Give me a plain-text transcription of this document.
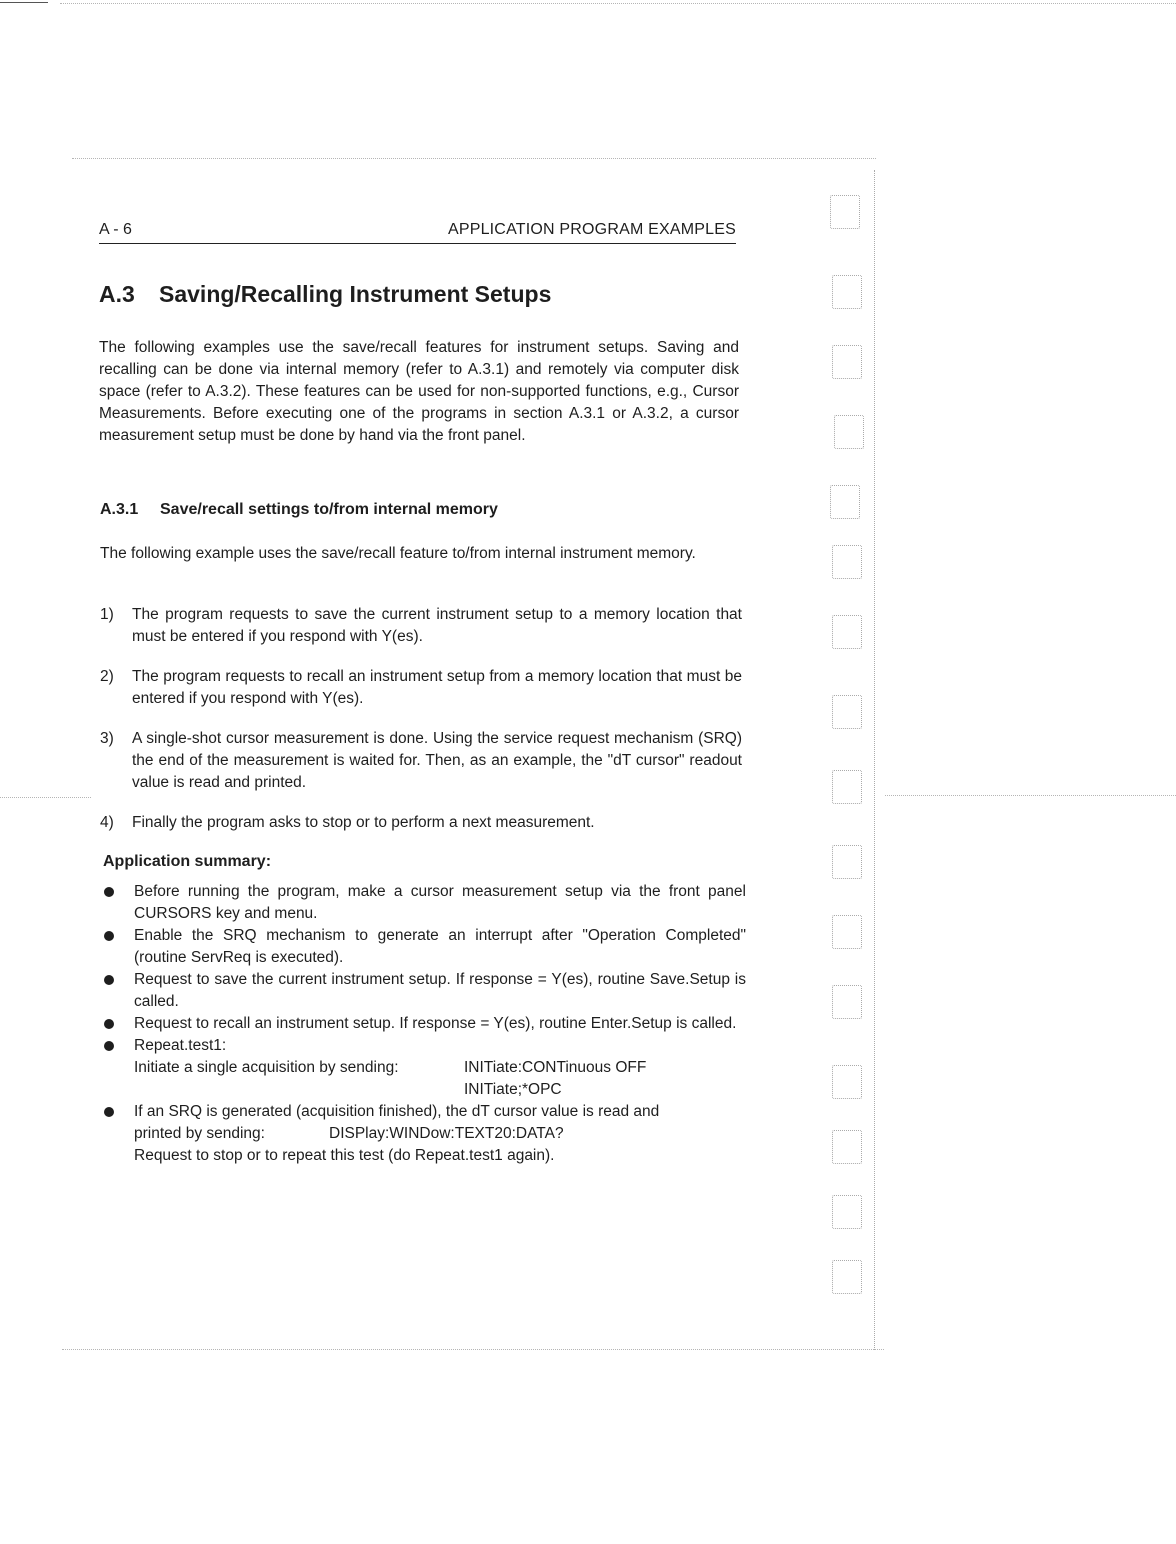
A - 6	APPLICATION PROGRAM EXAMPLES
A.3 Saving/Recalling Instrument Setups

The following examples use the save/recall features for instrument setups. Saving and recalling can be done via internal memory (refer to A.3.1) and remotely via computer disk space (refer to A.3.2). These features can be used for non-supported functions, e.g., Cursor Measurements. Before executing one of the programs in section A.3.1 or A.3.2, a cursor measurement setup must be done by hand via the front panel.

A.3.1 Save/recall settings to/from internal memory

The following example uses the save/recall feature to/from internal instrument memory.

1) The program requests to save the current instrument setup to a memory location that must be entered if you respond with Y(es).
2) The program requests to recall an instrument setup from a memory location that must be entered if you respond with Y(es).
3) A single-shot cursor measurement is done. Using the service request mechanism (SRQ) the end of the measurement is waited for. Then, as an example, the "dT cursor" readout value is read and printed.
4) Finally the program asks to stop or to perform a next measurement.
Application summary:
Before running the program, make a cursor measurement setup via the front panel CURSORS key and menu.
Enable the SRQ mechanism to generate an interrupt after "Operation Completed" (routine ServReq is executed).
Request to save the current instrument setup. If response = Y(es), routine Save.Setup is called.
Request to recall an instrument setup. If response = Y(es), routine Enter.Setup is called.
Repeat.test1:
Initiate a single acquisition by sending:	INITiate:CONTinuous OFF
INITiate;*OPC
If an SRQ is generated (acquisition finished), the dT cursor value is read and
printed by sending:	DISPlay:WINDow:TEXT20:DATA?
Request to stop or to repeat this test (do Repeat.test1 again).
